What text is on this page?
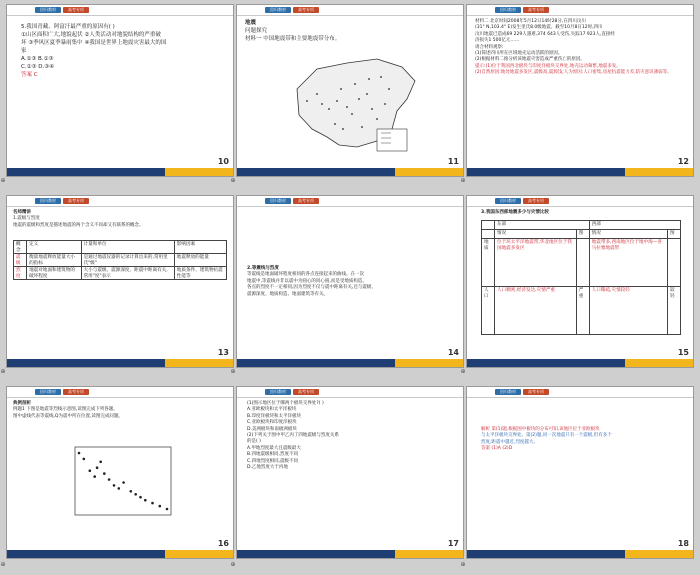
回归教材	高考专项
5.我国青藏、阿富汗最严重的原因有( )
①山区面积广大,地貌起伏 ②人类活动对地貌结构的严重破
坏 ③季风区夏季暴雨集中 ④我国是世界上地震灾害最大的国
家
A.①③ B.①③
C.②③ D.③④
答案 C
10
回归教材	高考专项
地震
问题探究
材料一 中国地震带和主要地震带分布。
11
回归教材	高考专项
材料二 北京时间2008年5月12日14时28分,在四川汶川
(31° N,103.4° E)发生里氏8.0级地震。截至10月8日12时,四川
汶川地震已造成69 229人遇难,374 643人受伤,失踪17 923人,直接经
济损失1 500亿元……
请合材料观察:
(1)简述四川所在区域地壳运动活跃的原因。
(2)根据材料二推分析该地震灾害造成严重伤亡的原因。
提示:(1)位于我国西北板块与印度洋板块交界处,地壳运动频繁,地震多发。
(2)自然原因:地处地震多发区,震级高,震源浅;人为原因:人口密集,房屋抗震能力差,防灾意识薄弱等。
12
回归教材	高考专项
名师精讲
1.震级与烈度
地震的震级和烈度是描述地震的两个含义不同却又有联系的概念。
概念	定义	计量和单位	影响因素
震级	衡量地震释放能量大小的指标	是通过地震仪器的记录计算出来的,常用里氏"级"	地震释放的能量
烈度	地震对地面和建筑物的破坏程度	大小与震级、震源深度、距震中距离有关,常用"度"表示	地质条件、建筑物抗震性能等
13
回归教材	高考专项
2.等震线与烈度
等震线是地面破坏程度相同的各点连接起来的曲线。在一次
地震中,等震线并非以震中为圆心的同心圆,而是受地质构造、
各点的烈度不一定相同,因为烈度不仅与震中距离有关,还与震级、
震源深度、地质构造、地面建筑等有关。
14
回归教材	高考专项
3.我国东西部地震多少与灾情比较
	东部		西部	
	情况	图	情况	图
地质	位于环太平洋地震带,华北地区位于我国地震多发区		地震带多,西南地区位于地中海—喜马拉雅地震带	
人口	人口稠密,经济发达,灾情严重	严重	人口稀疏,灾情较轻	较轻
15
回归教材	高考专项
典例剖析
例题1 下图是地震等烈线示意图,读图完成下列各题。
图中虚线代表等震线,Q为震中所在位置,读图完成问题。
16
回归教材	高考专项
(1)图示地区位于哪两个板块交界处?( )
A.亚欧板块和太平洋板块
B.印度洋板块和太平洋板块
C.亚欧板块和印度洋板块
D.美洲板块和南极洲板块
(2)下列关于图中甲乙丙丁四地震级与烈度关系
的是( )
A.甲地烈度最大且震级最大
B.四地震级相同,烈度不同
C.四地烈度相同,震级不同
D.乙地烈度大于丙地
17
回归教材	高考专项
解析 第(1)题,根据图中板块的分布可知,该地区位于亚欧板块
与太平洋板块交界处。第(2)题,同一次地震只有一个震级,但有多个
烈度,距震中越近,烈度越大。
答案 (1)A (2)D
18
⊕	⊕	⊕
⊕	⊕	⊕
⊕	⊕	⊕
